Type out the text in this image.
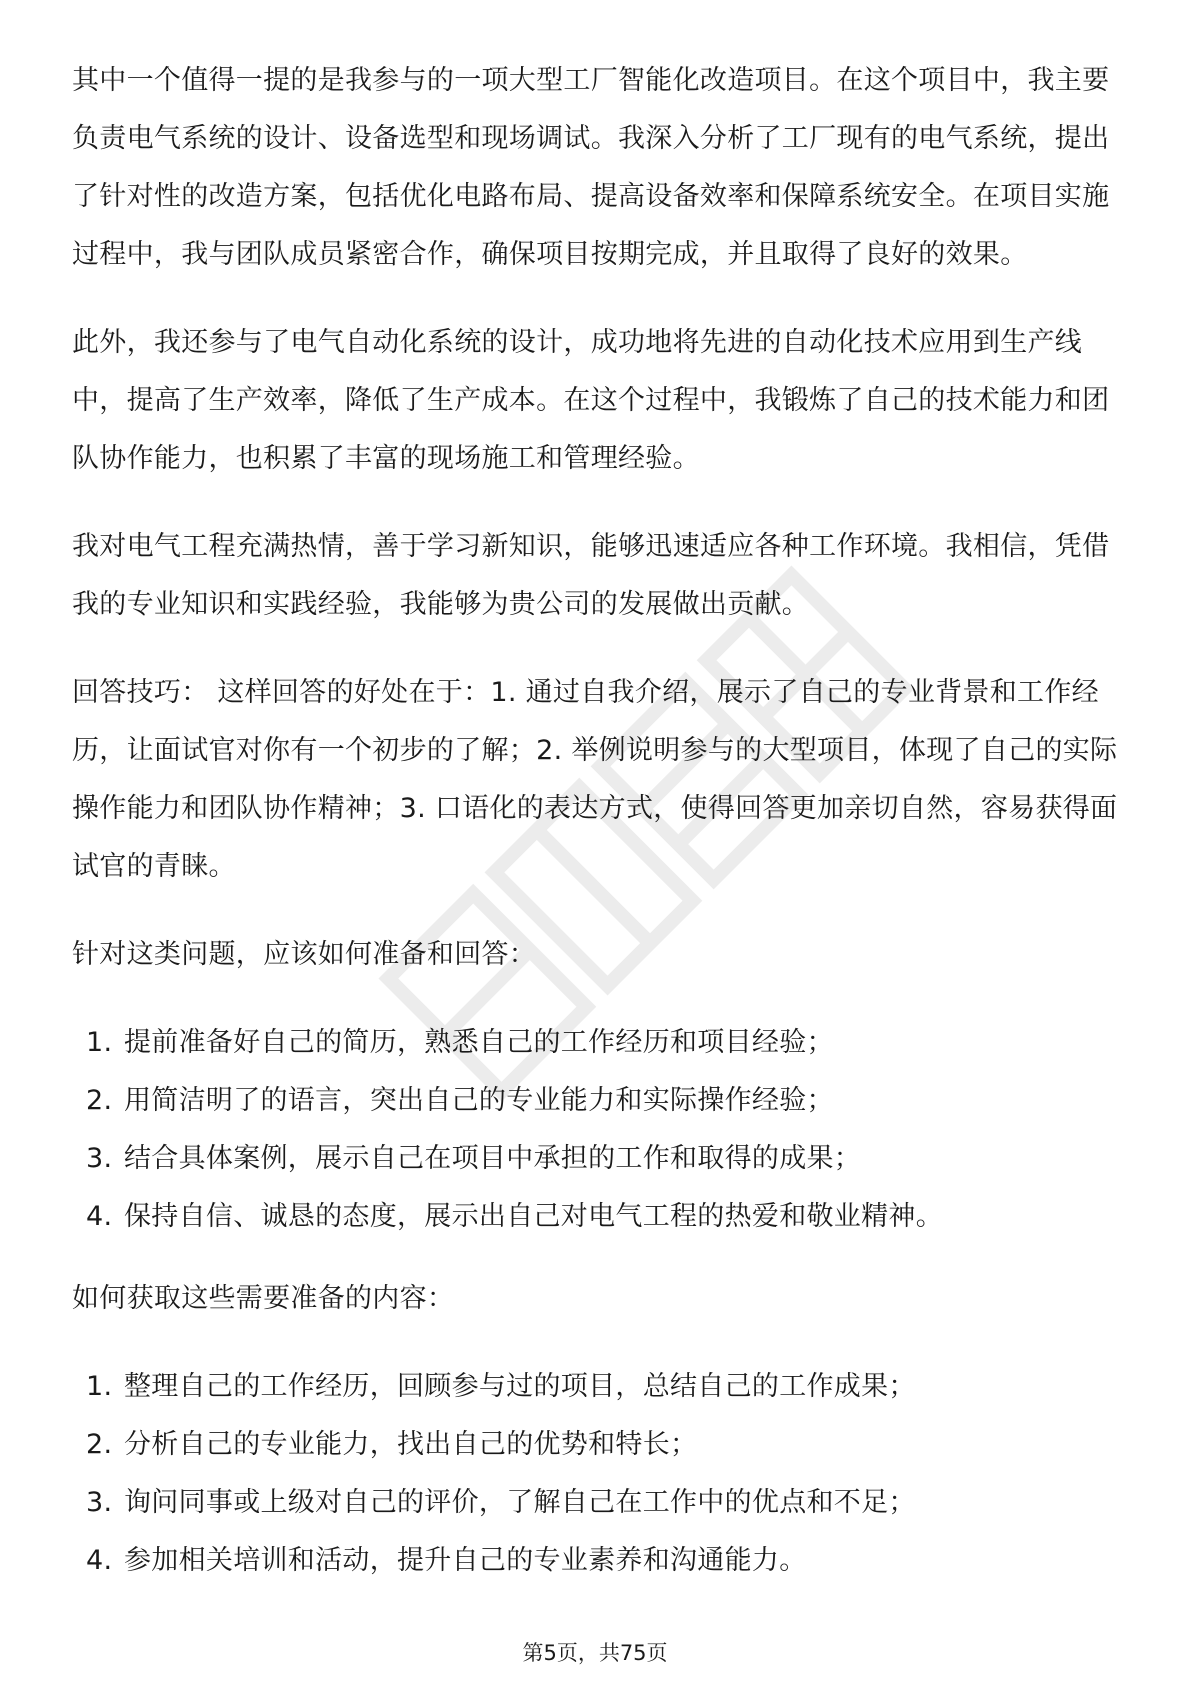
其中一个值得一提的是我参与的一项大型工厂智能化改造项目。在这个项目中，我主要负责电气系统的设计、设备选型和现场调试。我深入分析了工厂现有的电气系统，提出了针对性的改造方案，包括优化电路布局、提高设备效率和保障系统安全。在项目实施过程中，我与团队成员紧密合作，确保项目按期完成，并且取得了良好的效果。

此外，我还参与了电气自动化系统的设计，成功地将先进的自动化技术应用到生产线中，提高了生产效率，降低了生产成本。在这个过程中，我锻炼了自己的技术能力和团队协作能力，也积累了丰富的现场施工和管理经验。

我对电气工程充满热情，善于学习新知识，能够迅速适应各种工作环境。我相信，凭借我的专业知识和实践经验，我能够为贵公司的发展做出贡献。

回答技巧： 这样回答的好处在于：1. 通过自我介绍，展示了自己的专业背景和工作经历，让面试官对你有一个初步的了解；2. 举例说明参与的大型项目，体现了自己的实际操作能力和团队协作精神；3. 口语化的表达方式，使得回答更加亲切自然，容易获得面试官的青睐。

针对这类问题，应该如何准备和回答：

1. 提前准备好自己的简历，熟悉自己的工作经历和项目经验；
2. 用简洁明了的语言，突出自己的专业能力和实际操作经验；
3. 结合具体案例，展示自己在项目中承担的工作和取得的成果；
4. 保持自信、诚恳的态度，展示出自己对电气工程的热爱和敬业精神。

如何获取这些需要准备的内容：

1. 整理自己的工作经历，回顾参与过的项目，总结自己的工作成果；
2. 分析自己的专业能力，找出自己的优势和特长；
3. 询问同事或上级对自己的评价，了解自己在工作中的优点和不足；
4. 参加相关培训和活动，提升自己的专业素养和沟通能力。
第5页，共75页
